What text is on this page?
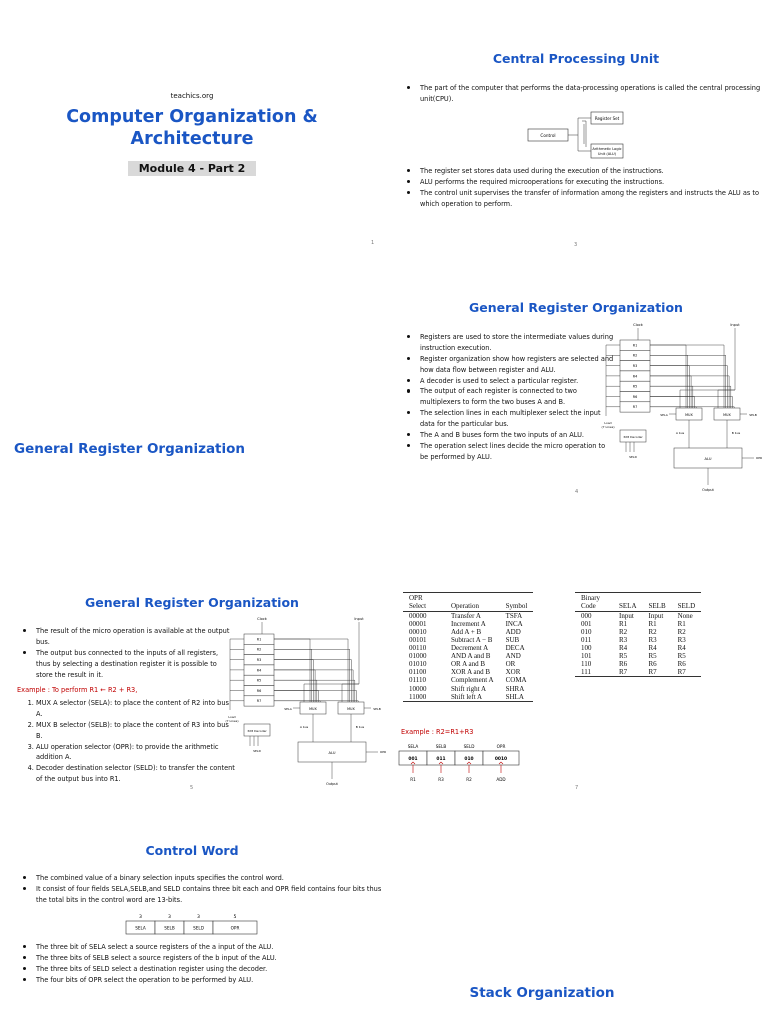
teachics.org
Computer Organization &
Architecture
Module 4 - Part 2
1
Central Processing Unit
The part of the computer that performs the data-processing operations is called the central processing unit(CPU).
Control
Register Set
Arithmetic Logic
Unit (ALU)
The register set stores data used during the execution of the instructions.
ALU performs the required microoperations for executing the instructions.
The control unit supervises the transfer of information among the registers and instructs the ALU as to which operation to perform.
3
General Register Organization
General Register Organization
Registers are used to store the intermediate values during instruction execution.
Register organization show how registers are selected and how data flow between register and ALU.
A decoder is used to select a particular register.
The output of each register is connected to two multiplexers to form the two buses A and B.
The selection lines in each multiplexer select the input data for the particular bus.
The A and B buses form the two inputs of an ALU.
The operation select lines decide the micro operation to be performed by ALU.
Clock	Input
R1
R2
R3
R4
R5
R6
R7
Load
(7 Lines)
MUX	MUX
SELA	SELB
A bus	B bus
3X8 Decoder
SELD	ALU	OPR
Output
4
General Register Organization
The result of the micro operation is available at the output bus.
The output bus connected to the inputs of all registers, thus by selecting a destination register it is possible to store the result in it.
Example : To perform R1 ← R2 + R3,
1. MUX A selector (SELA): to place the content of R2 into bus A.
2. MUX B selector (SELB): to place the content of R3 into bus B.
3. ALU operation selector (OPR): to provide the arithmetic addition A.
4. Decoder destination selector (SELD): to transfer the content of the output bus into R1.
Clock	Input
R1
R2
R3
R4
R5
R6
R7
Load
(7 Lines)
MUX	MUX
SELA	SELB
A bus	B bus
3X8 Decoder
SELD	ALU	OPR
Output
5
OPR Select	Operation	Symbol
00000	Transfer A	TSFA
00001	Increment A	INCA
00010	Add A + B	ADD
00101	Subtract A − B	SUB
00110	Decrement A	DECA
01000	AND A and B	AND
01010	OR A and B	OR
01100	XOR A and B	XOR
01110	Complement A	COMA
10000	Shift right A	SHRA
11000	Shift left A	SHLA
Binary Code	SELA	SELB	SELD
000	Input	Input	None
001	R1	R1	R1
010	R2	R2	R2
011	R3	R3	R3
100	R4	R4	R4
101	R5	R5	R5
110	R6	R6	R6
111	R7	R7	R7
Example : R2=R1+R3
SELA
001
R1
SELB
011
R3
SELD
010
R2
OPR
0010
ADD
7
Control Word
The combined value of a binary selection inputs specifies the control word.
It consist of four fields SELA,SELB,and SELD contains three bit each and OPR field contains four bits thus the total bits in the control word are 13-bits.
3
SELA
3
SELB
3
SELD
5
OPR
The three bit of SELA select a source registers of the a input of the ALU.
The three bits of SELB select a source registers of the b input of the ALU.
The three bits of SELD select a destination register using the decoder.
The four bits of OPR select the operation to be performed by ALU.
Stack Organization
